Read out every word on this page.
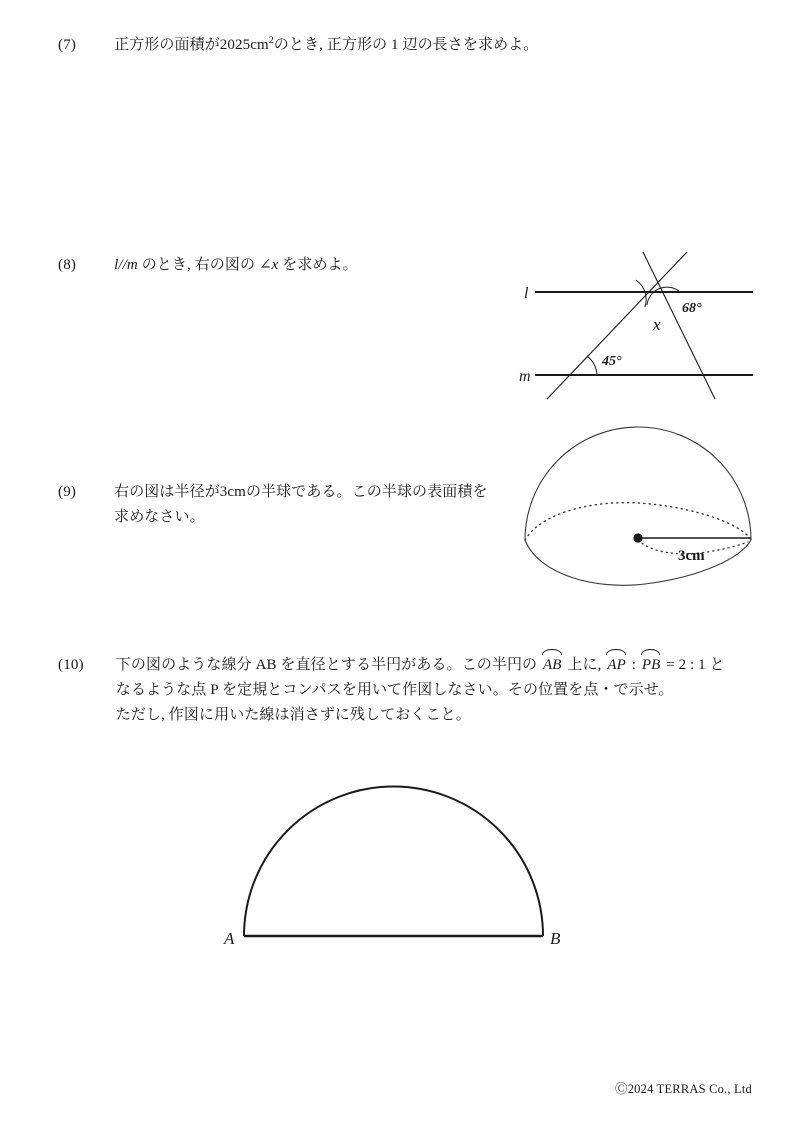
(7)	正方形の面積が$2025cm^2$のとき, 正方形の 1 辺の長さを求めよ。
(8)	l//m のとき, 右の図の ∠x を求めよ。
l
m
68°
x
45°
(9)	右の図は半径が3cmの半球である。この半球の表面積を
求めなさい。
3cm
(10) 下の図のような線分 AB を直径とする半円がある。この半円の AB 上に, AP : PB = 2 : 1 と
なるような点 P を定規とコンパスを用いて作図しなさい。その位置を点・で示せ。
ただし, 作図に用いた線は消さずに残しておくこと。
A	B
Ⓒ2024 TERRAS Co., Ltd
